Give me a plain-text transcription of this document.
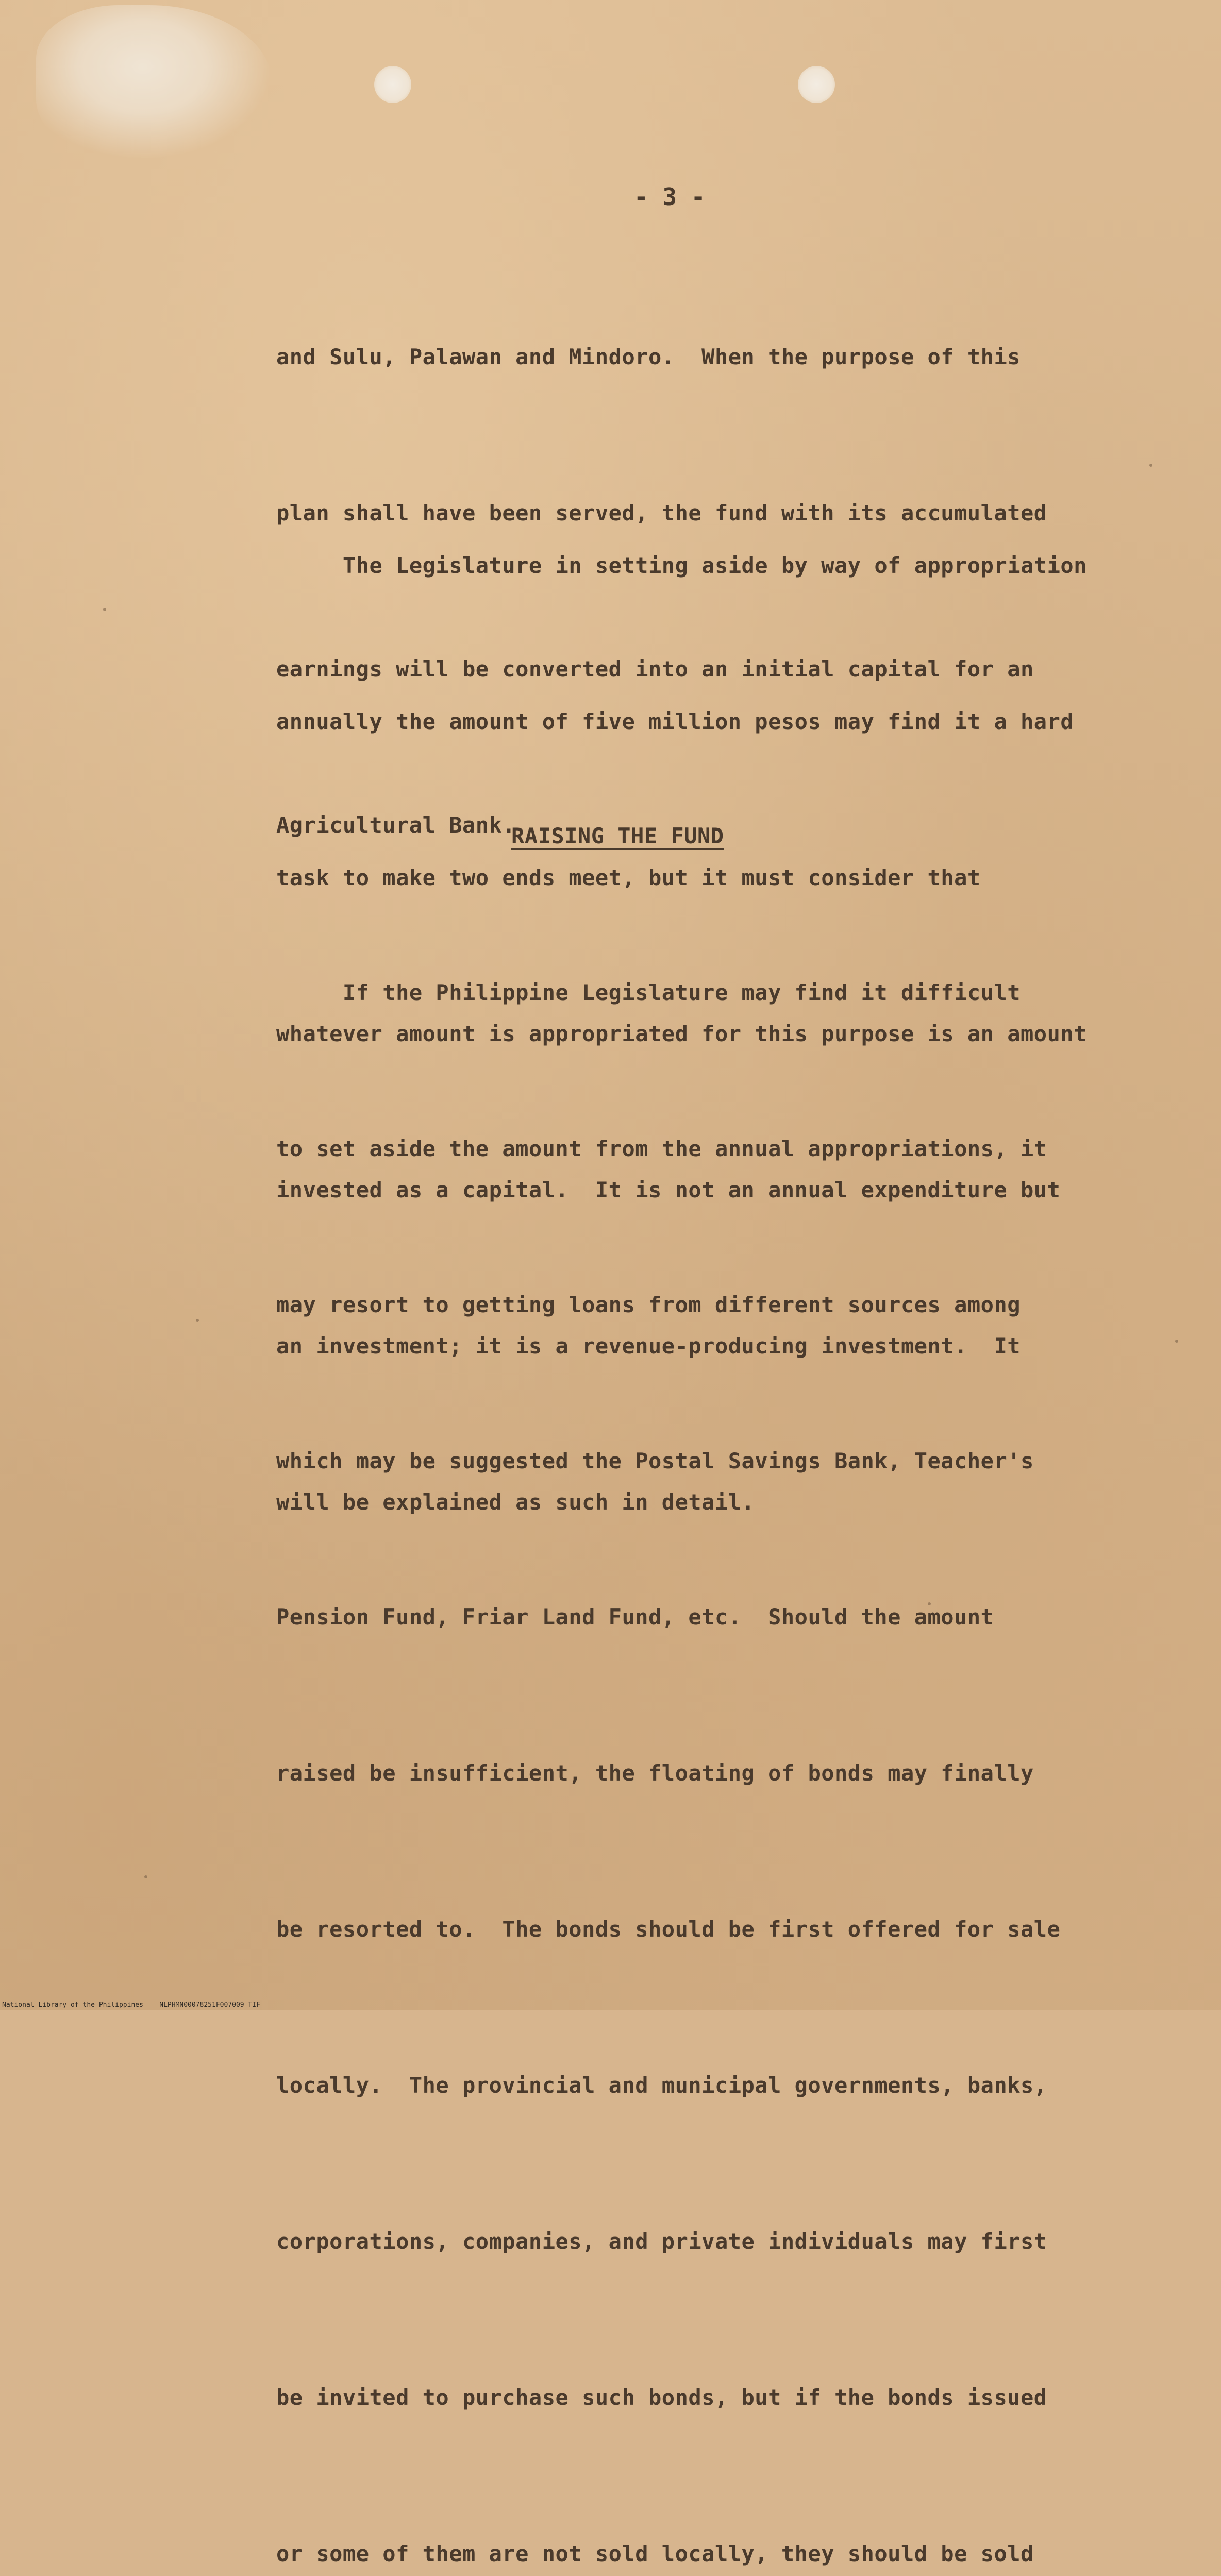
- 3 -

and Sulu, Palawan and Mindoro.  When the purpose of this

plan shall have been served, the fund with its accumulated

earnings will be converted into an initial capital for an

Agricultural Bank.

The Legislature in setting aside by way of appropriation

annually the amount of five million pesos may find it a hard

task to make two ends meet, but it must consider that

whatever amount is appropriated for this purpose is an amount

invested as a capital.  It is not an annual expenditure but

an investment; it is a revenue-producing investment.  It

will be explained as such in detail.

RAISING THE FUND

If the Philippine Legislature may find it difficult

to set aside the amount from the annual appropriations, it

may resort to getting loans from different sources among

which may be suggested the Postal Savings Bank, Teacher's

Pension Fund, Friar Land Fund, etc.  Should the amount

raised be insufficient, the floating of bonds may finally

be resorted to.  The bonds should be first offered for sale

locally.  The provincial and municipal governments, banks,

corporations, companies, and private individuals may first

be invited to purchase such bonds, but if the bonds issued

or some of them are not sold locally, they should be sold

National Library of the Philippines    NLPHMN00078251F007009 TIF
